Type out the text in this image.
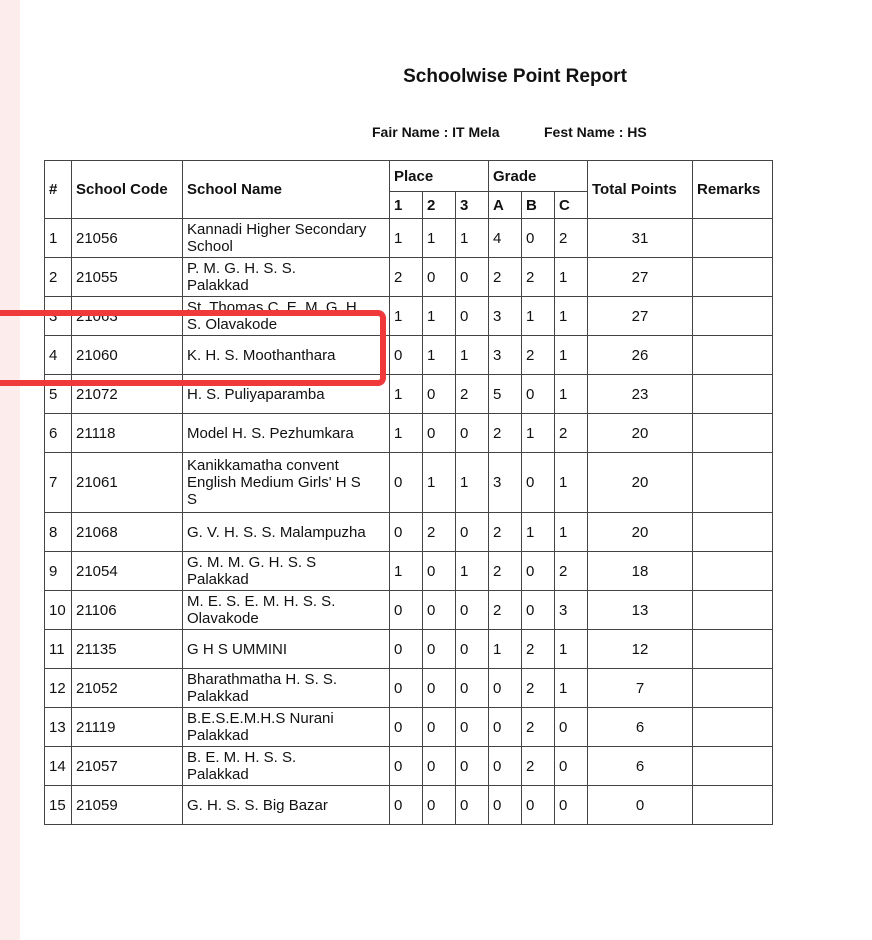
Schoolwise Point Report
Fair Name : IT Mela	Fest Name : HS
#	School Code	School Name	Place			Grade			Total Points	Remarks
			1	2	3	A	B	C		
1	21056	Kannadi Higher Secondary
School	1	1	1	4	0	2	31	
2	21055	P. M. G. H. S. S.
Palakkad	2	0	0	2	2	1	27	
3	21063	St. Thomas C. E. M. G. H.
S. Olavakode	1	1	0	3	1	1	27	
4	21060	K. H. S. Moothanthara	0	1	1	3	2	1	26	
5	21072	H. S. Puliyaparamba	1	0	2	5	0	1	23	
6	21118	Model H. S. Pezhumkara	1	0	0	2	1	2	20	
7	21061	Kanikkamatha convent
English Medium Girls' H S
S	0	1	1	3	0	1	20	
8	21068	G. V. H. S. S. Malampuzha	0	2	0	2	1	1	20	
9	21054	G. M. M. G. H. S. S
Palakkad	1	0	1	2	0	2	18	
10	21106	M. E. S. E. M. H. S. S.
Olavakode	0	0	0	2	0	3	13	
11	21135	G H S UMMINI	0	0	0	1	2	1	12	
12	21052	Bharathmatha H. S. S.
Palakkad	0	0	0	0	2	1	7	
13	21119	B.E.S.E.M.H.S Nurani
Palakkad	0	0	0	0	2	0	6	
14	21057	B. E. M. H. S. S.
Palakkad	0	0	0	0	2	0	6	
15	21059	G. H. S. S. Big Bazar	0	0	0	0	0	0	0	
